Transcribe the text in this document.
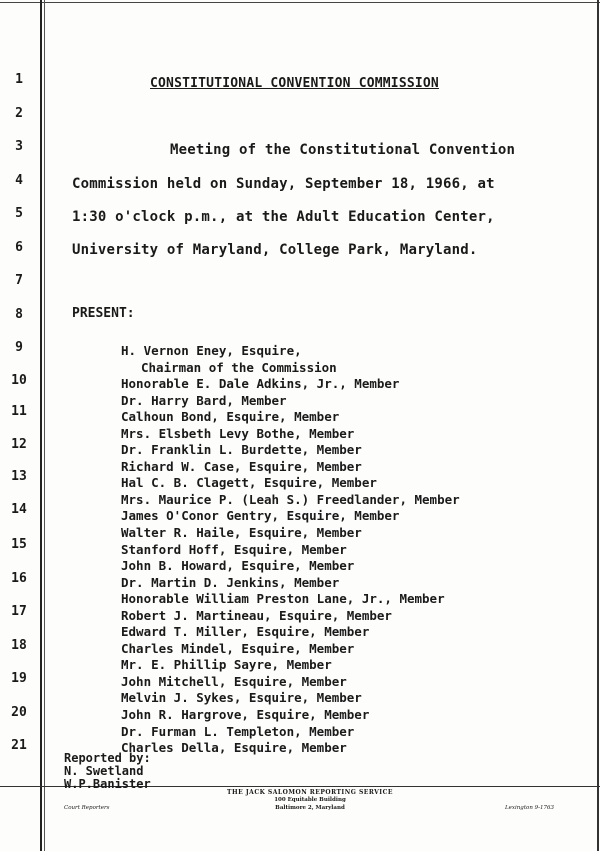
1
2
3
4
5
6
7
8
9
10
11
12
13
14
15
16
17
18
19
20
21
CONSTITUTIONAL CONVENTION COMMISSION
Meeting of the Constitutional Convention
Commission held on Sunday, September 18, 1966, at
1:30 o'clock p.m., at the Adult Education Center,
University of Maryland, College Park, Maryland.
PRESENT:
H. Vernon Eney, Esquire,
Chairman of the Commission
Honorable E. Dale Adkins, Jr., Member
Dr. Harry Bard, Member
Calhoun Bond, Esquire, Member
Mrs. Elsbeth Levy Bothe, Member
Dr. Franklin L. Burdette, Member
Richard W. Case, Esquire, Member
Hal C. B. Clagett, Esquire, Member
Mrs. Maurice P. (Leah S.) Freedlander, Member
James O'Conor Gentry, Esquire, Member
Walter R. Haile, Esquire, Member
Stanford Hoff, Esquire, Member
John B. Howard, Esquire, Member
Dr. Martin D. Jenkins, Member
Honorable William Preston Lane, Jr., Member
Robert J. Martineau, Esquire, Member
Edward T. Miller, Esquire, Member
Charles Mindel, Esquire, Member
Mr. E. Phillip Sayre, Member
John Mitchell, Esquire, Member
Melvin J. Sykes, Esquire, Member
John R. Hargrove, Esquire, Member
Dr. Furman L. Templeton, Member
Charles Della, Esquire, Member
Reported by:
N. Swetland
W.P.Banister
THE JACK SALOMON REPORTING SERVICE
100 Equitable Building
Baltimore 2, Maryland
Court Reporters	Lexington 9-1763
